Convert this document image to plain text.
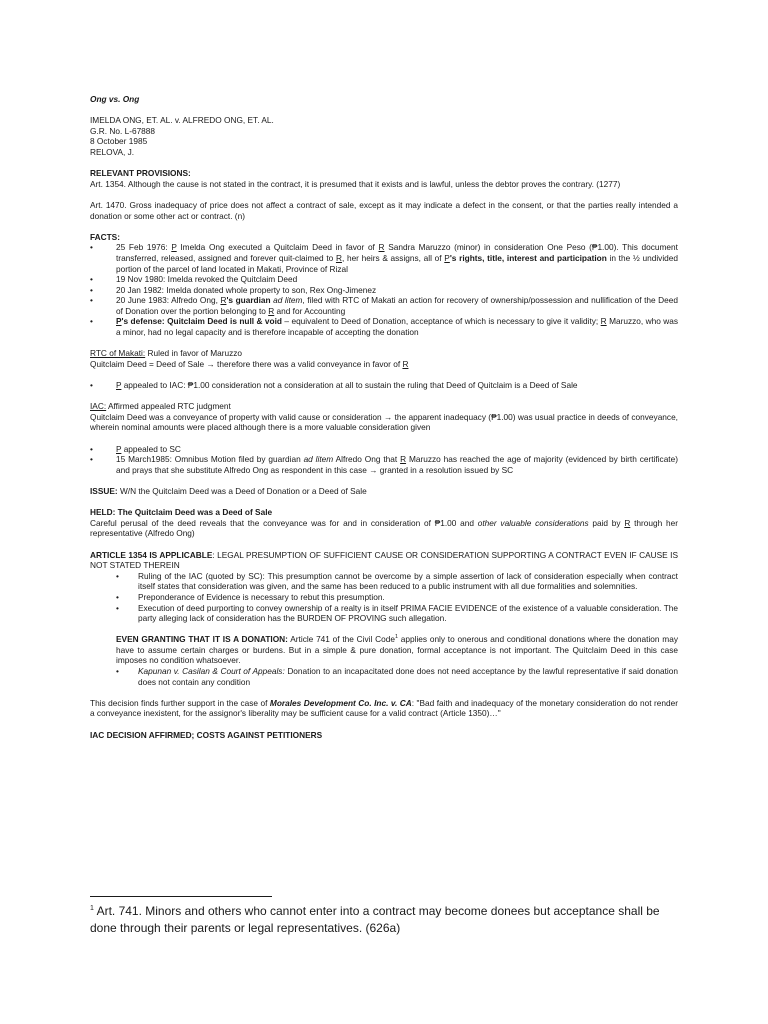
Ong vs. Ong

IMELDA ONG, ET. AL. v. ALFREDO ONG, ET. AL.

G.R. No. L-67888

8 October 1985

RELOVA, J.

RELEVANT PROVISIONS:

Art. 1354. Although the cause is not stated in the contract, it is presumed that it exists and is lawful, unless the debtor proves the contrary. (1277)

Art. 1470. Gross inadequacy of price does not affect a contract of sale, except as it may indicate a defect in the consent, or that the parties really intended a donation or some other act or contract. (n)

FACTS:

• 25 Feb 1976: P Imelda Ong executed a Quitclaim Deed in favor of R Sandra Maruzzo (minor) in consideration One Peso (₱1.00). This document transferred, released, assigned and forever quit-claimed to R, her heirs & assigns, all of P's rights, title, interest and participation in the ½ undivided portion of the parcel of land located in Makati, Province of Rizal
• 19 Nov 1980: Imelda revoked the Quitclaim Deed
• 20 Jan 1982: Imelda donated whole property to son, Rex Ong-Jimenez
• 20 June 1983: Alfredo Ong, R's guardian ad litem, filed with RTC of Makati an action for recovery of ownership/possession and nullification of the Deed of Donation over the portion belonging to R and for Accounting
• P's defense: Quitclaim Deed is null & void – equivalent to Deed of Donation, acceptance of which is necessary to give it validity; R Maruzzo, who was a minor, had no legal capacity and is therefore incapable of accepting the donation

RTC of Makati: Ruled in favor of Maruzzo

Quitclaim Deed = Deed of Sale → therefore there was a valid conveyance in favor of R

• P appealed to IAC: ₱1.00 consideration not a consideration at all to sustain the ruling that Deed of Quitclaim is a Deed of Sale

IAC: Affirmed appealed RTC judgment

Quitclaim Deed was a conveyance of property with valid cause or consideration → the apparent inadequacy (₱1.00) was usual practice in deeds of conveyance, wherein nominal amounts were placed although there is a more valuable consideration given

• P appealed to SC
• 15 March1985: Omnibus Motion filed by guardian ad litem Alfredo Ong that R Maruzzo has reached the age of majority (evidenced by birth certificate) and prays that she substitute Alfredo Ong as respondent in this case → granted in a resolution issued by SC

ISSUE: W/N the Quitclaim Deed was a Deed of Donation or a Deed of Sale

HELD: The Quitclaim Deed was a Deed of Sale

Careful perusal of the deed reveals that the conveyance was for and in consideration of ₱1.00 and other valuable considerations paid by R through her representative (Alfredo Ong)

ARTICLE 1354 IS APPLICABLE: LEGAL PRESUMPTION OF SUFFICIENT CAUSE OR CONSIDERATION SUPPORTING A CONTRACT EVEN IF CAUSE IS NOT STATED THEREIN

• Ruling of the IAC (quoted by SC): This presumption cannot be overcome by a simple assertion of lack of consideration especially when contract itself states that consideration was given, and the same has been reduced to a public instrument with all due formalities and solemnities.
• Preponderance of Evidence is necessary to rebut this presumption.
• Execution of deed purporting to convey ownership of a realty is in itself PRIMA FACIE EVIDENCE of the existence of a valuable consideration. The party alleging lack of consideration has the BURDEN OF PROVING such allegation.

EVEN GRANTING THAT IT IS A DONATION: Article 741 of the Civil Code$^1$ applies only to onerous and conditional donations where the donation may have to assume certain charges or burdens. But in a simple & pure donation, formal acceptance is not important. The Quitclaim Deed in this case imposes no condition whatsoever.

• Kapunan v. Casilan & Court of Appeals: Donation to an incapacitated done does not need acceptance by the lawful representative if said donation does not contain any condition

This decision finds further support in the case of Morales Development Co. Inc. v. CA: "Bad faith and inadequacy of the monetary consideration do not render a conveyance inexistent, for the assignor's liberality may be sufficient cause for a valid contract (Article 1350)…"

IAC DECISION AFFIRMED; COSTS AGAINST PETITIONERS

$^1$ Art. 741. Minors and others who cannot enter into a contract may become donees but acceptance shall be done through their parents or legal representatives. (626a)
